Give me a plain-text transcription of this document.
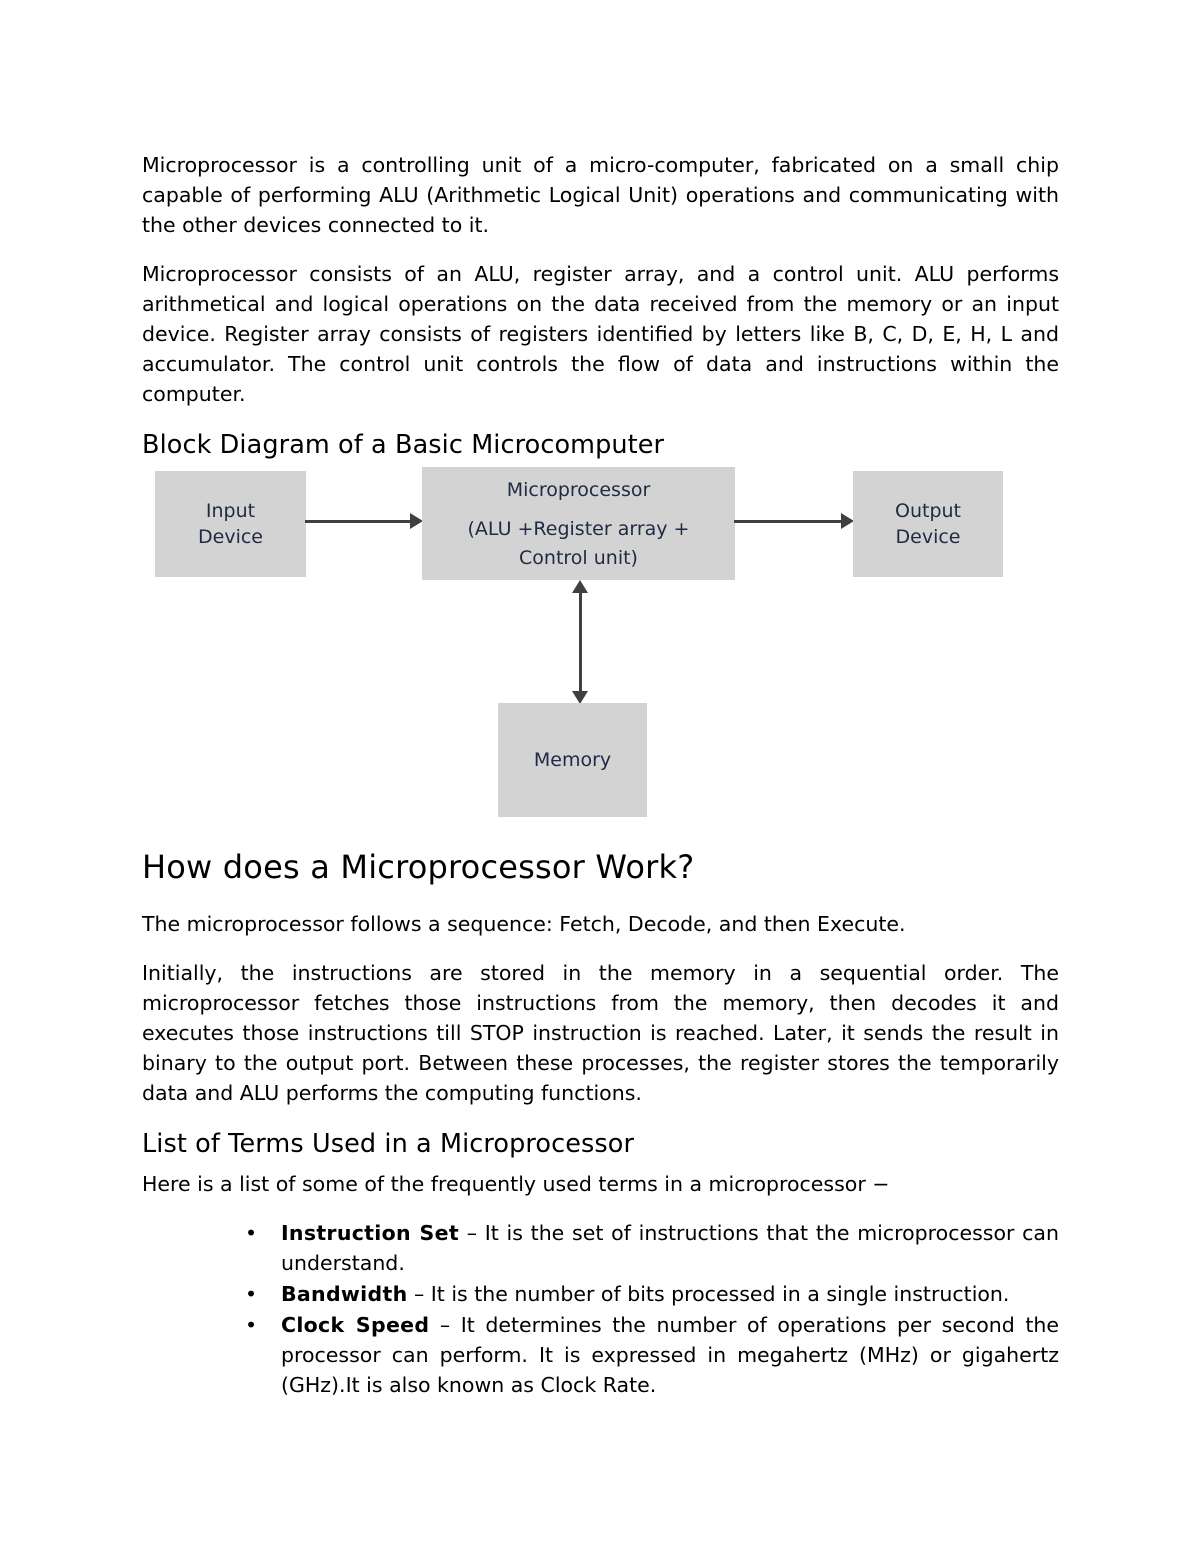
Microprocessor is a controlling unit of a micro-computer, fabricated on a small chip capable of performing ALU (Arithmetic Logical Unit) operations and communicating with the other devices connected to it.

Microprocessor consists of an ALU, register array, and a control unit. ALU performs arithmetical and logical operations on the data received from the memory or an input device. Register array consists of registers identified by letters like B, C, D, E, H, L and accumulator. The control unit controls the flow of data and instructions within the computer.

Block Diagram of a Basic Microcomputer
Input
Device
Microprocessor
(ALU +Register array +
Control unit)
Output
Device
Memory
How does a Microprocessor Work?

The microprocessor follows a sequence: Fetch, Decode, and then Execute.

Initially, the instructions are stored in the memory in a sequential order. The microprocessor fetches those instructions from the memory, then decodes it and executes those instructions till STOP instruction is reached. Later, it sends the result in binary to the output port. Between these processes, the register stores the temporarily data and ALU performs the computing functions.

List of Terms Used in a Microprocessor

Here is a list of some of the frequently used terms in a microprocessor −

• Instruction Set – It is the set of instructions that the microprocessor can understand.
• Bandwidth – It is the number of bits processed in a single instruction.
• Clock Speed – It determines the number of operations per second the processor can perform. It is expressed in megahertz (MHz) or gigahertz (GHz).It is also known as Clock Rate.
